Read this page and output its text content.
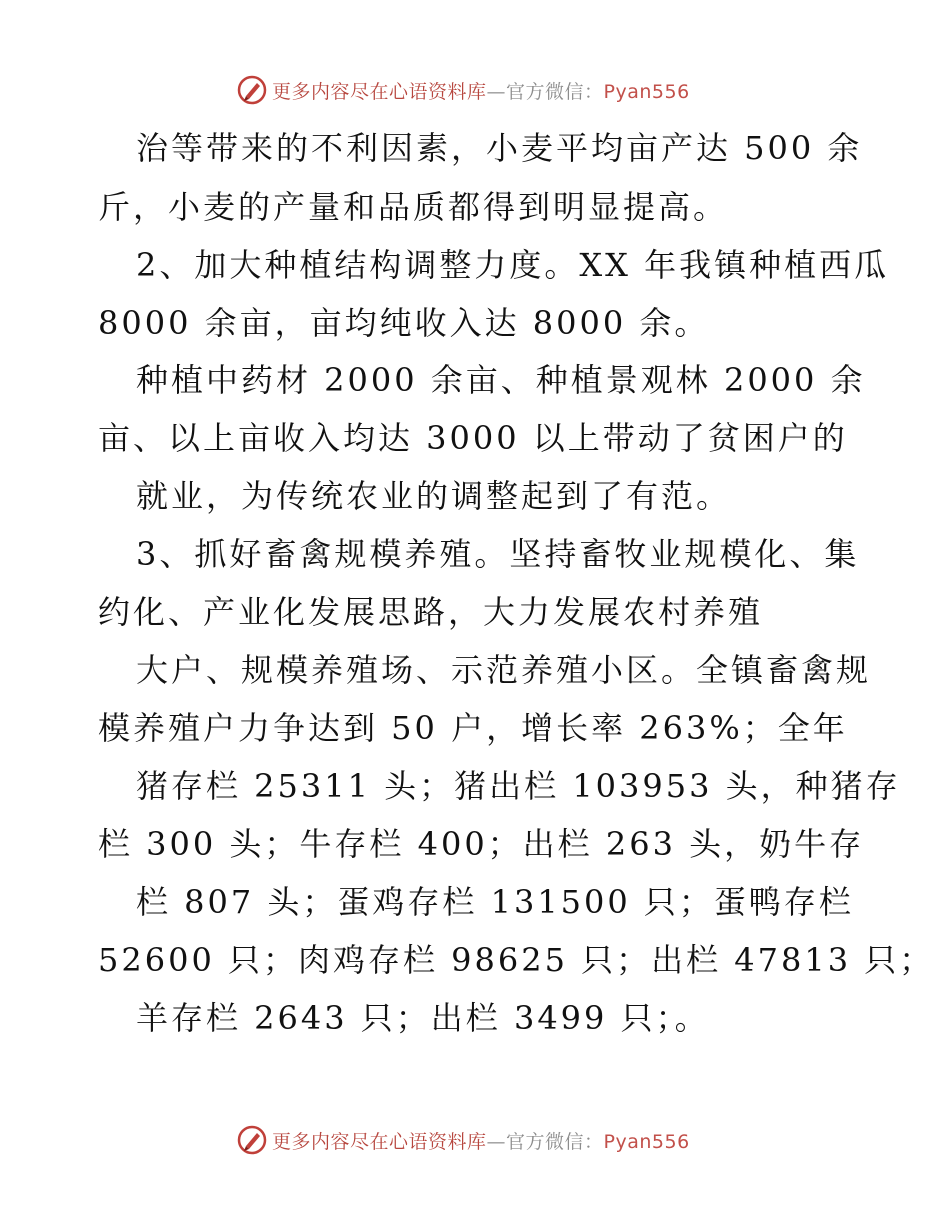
更多内容尽在心语资料库—官方微信：Pyan556
治等带来的不利因素，小麦平均亩产达 500 余
斤，小麦的产量和品质都得到明显提高。
2、加大种植结构调整力度。XX 年我镇种植西瓜
8000 余亩，亩均纯收入达 8000 余。
种植中药材 2000 余亩、种植景观林 2000 余
亩、以上亩收入均达 3000 以上带动了贫困户的
就业，为传统农业的调整起到了有范。
3、抓好畜禽规模养殖。坚持畜牧业规模化、集
约化、产业化发展思路，大力发展农村养殖
大户、规模养殖场、示范养殖小区。全镇畜禽规
模养殖户力争达到 50 户，增长率 263%；全年
猪存栏 25311 头；猪出栏 103953 头，种猪存
栏 300 头；牛存栏 400；出栏 263 头，奶牛存
栏 807 头；蛋鸡存栏 131500 只；蛋鸭存栏
52600 只；肉鸡存栏 98625 只；出栏 47813 只；
羊存栏 2643 只；出栏 3499 只；。
更多内容尽在心语资料库—官方微信：Pyan556
